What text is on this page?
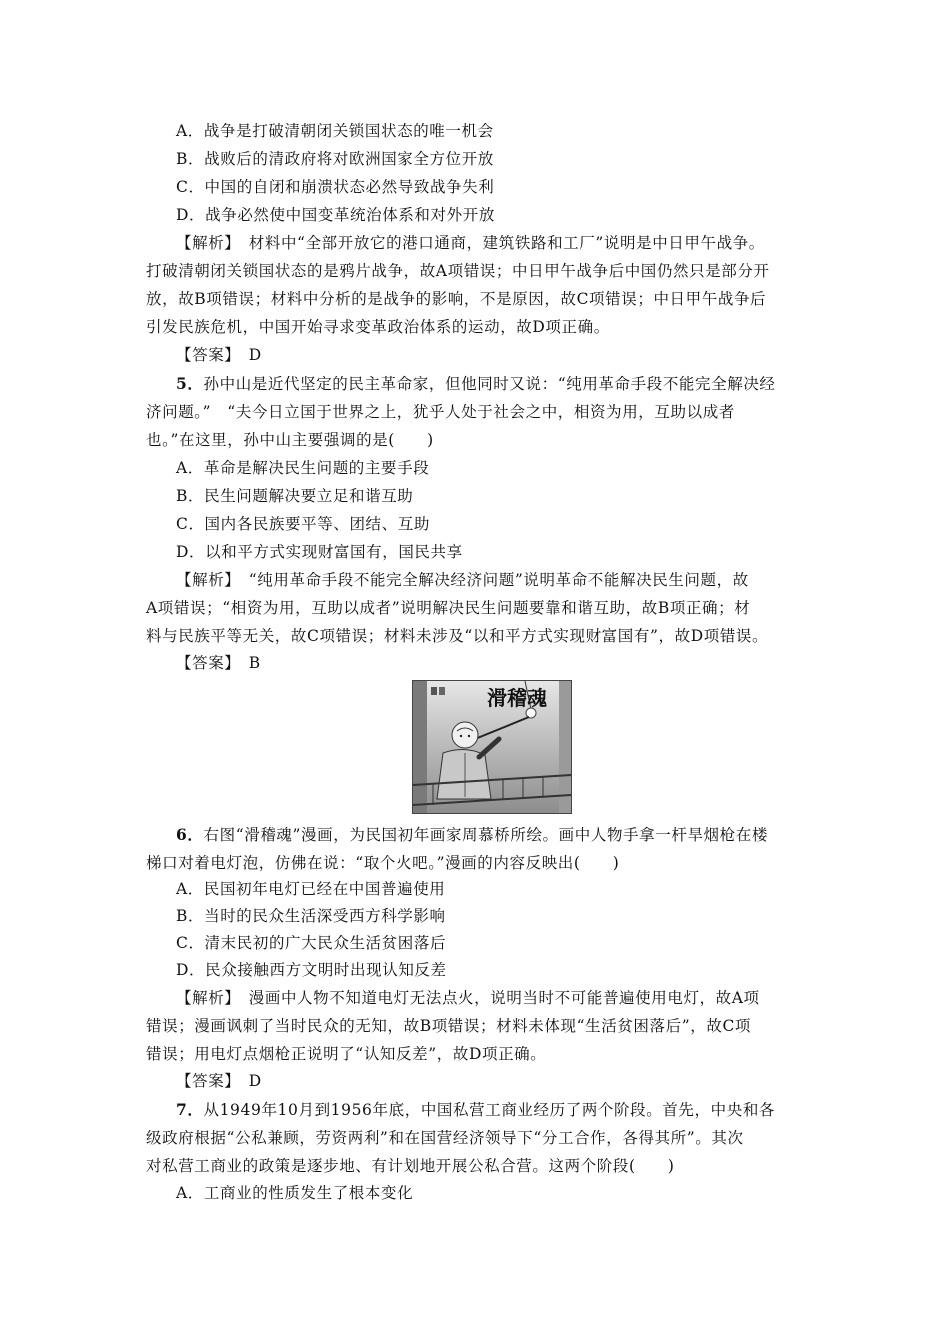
A．战争是打破清朝闭关锁国状态的唯一机会
B．战败后的清政府将对欧洲国家全方位开放
C．中国的自闭和崩溃状态必然导致战争失利
D．战争必然使中国变革统治体系和对外开放
【解析】　材料中“全部开放它的港口通商，建筑铁路和工厂”说明是中日甲午战争。
打破清朝闭关锁国状态的是鸦片战争，故A项错误；中日甲午战争后中国仍然只是部分开
放，故B项错误；材料中分析的是战争的影响，不是原因，故C项错误；中日甲午战争后
引发民族危机，中国开始寻求变革政治体系的运动，故D项正确。
【答案】　D
5．孙中山是近代坚定的民主革命家，但他同时又说：“纯用革命手段不能完全解决经
济问题。”　“夫今日立国于世界之上，犹乎人处于社会之中，相资为用，互助以成者
也。”在这里，孙中山主要强调的是(　　)
A．革命是解决民生问题的主要手段
B．民生问题解决要立足和谐互助
C．国内各民族要平等、团结、互助
D．以和平方式实现财富国有，国民共享
【解析】　“纯用革命手段不能完全解决经济问题”说明革命不能解决民生问题，故
A项错误；“相资为用，互助以成者”说明解决民生问题要靠和谐互助，故B项正确；材
料与民族平等无关，故C项错误；材料未涉及“以和平方式实现财富国有”，故D项错误。
【答案】　B
滑稽魂
6．右图“滑稽魂”漫画，为民国初年画家周慕桥所绘。画中人物手拿一杆旱烟枪在楼
梯口对着电灯泡，仿佛在说：“取个火吧。”漫画的内容反映出(　　)
A．民国初年电灯已经在中国普遍使用
B．当时的民众生活深受西方科学影响
C．清末民初的广大民众生活贫困落后
D．民众接触西方文明时出现认知反差
【解析】　漫画中人物不知道电灯无法点火，说明当时不可能普遍使用电灯，故A项
错误；漫画讽刺了当时民众的无知，故B项错误；材料未体现“生活贫困落后”，故C项
错误；用电灯点烟枪正说明了“认知反差”，故D项正确。
【答案】　D
7．从1949年10月到1956年底，中国私营工商业经历了两个阶段。首先，中央和各
级政府根据“公私兼顾，劳资两利”和在国营经济领导下“分工合作，各得其所”。其次
对私营工商业的政策是逐步地、有计划地开展公私合营。这两个阶段(　　)
A．工商业的性质发生了根本变化
